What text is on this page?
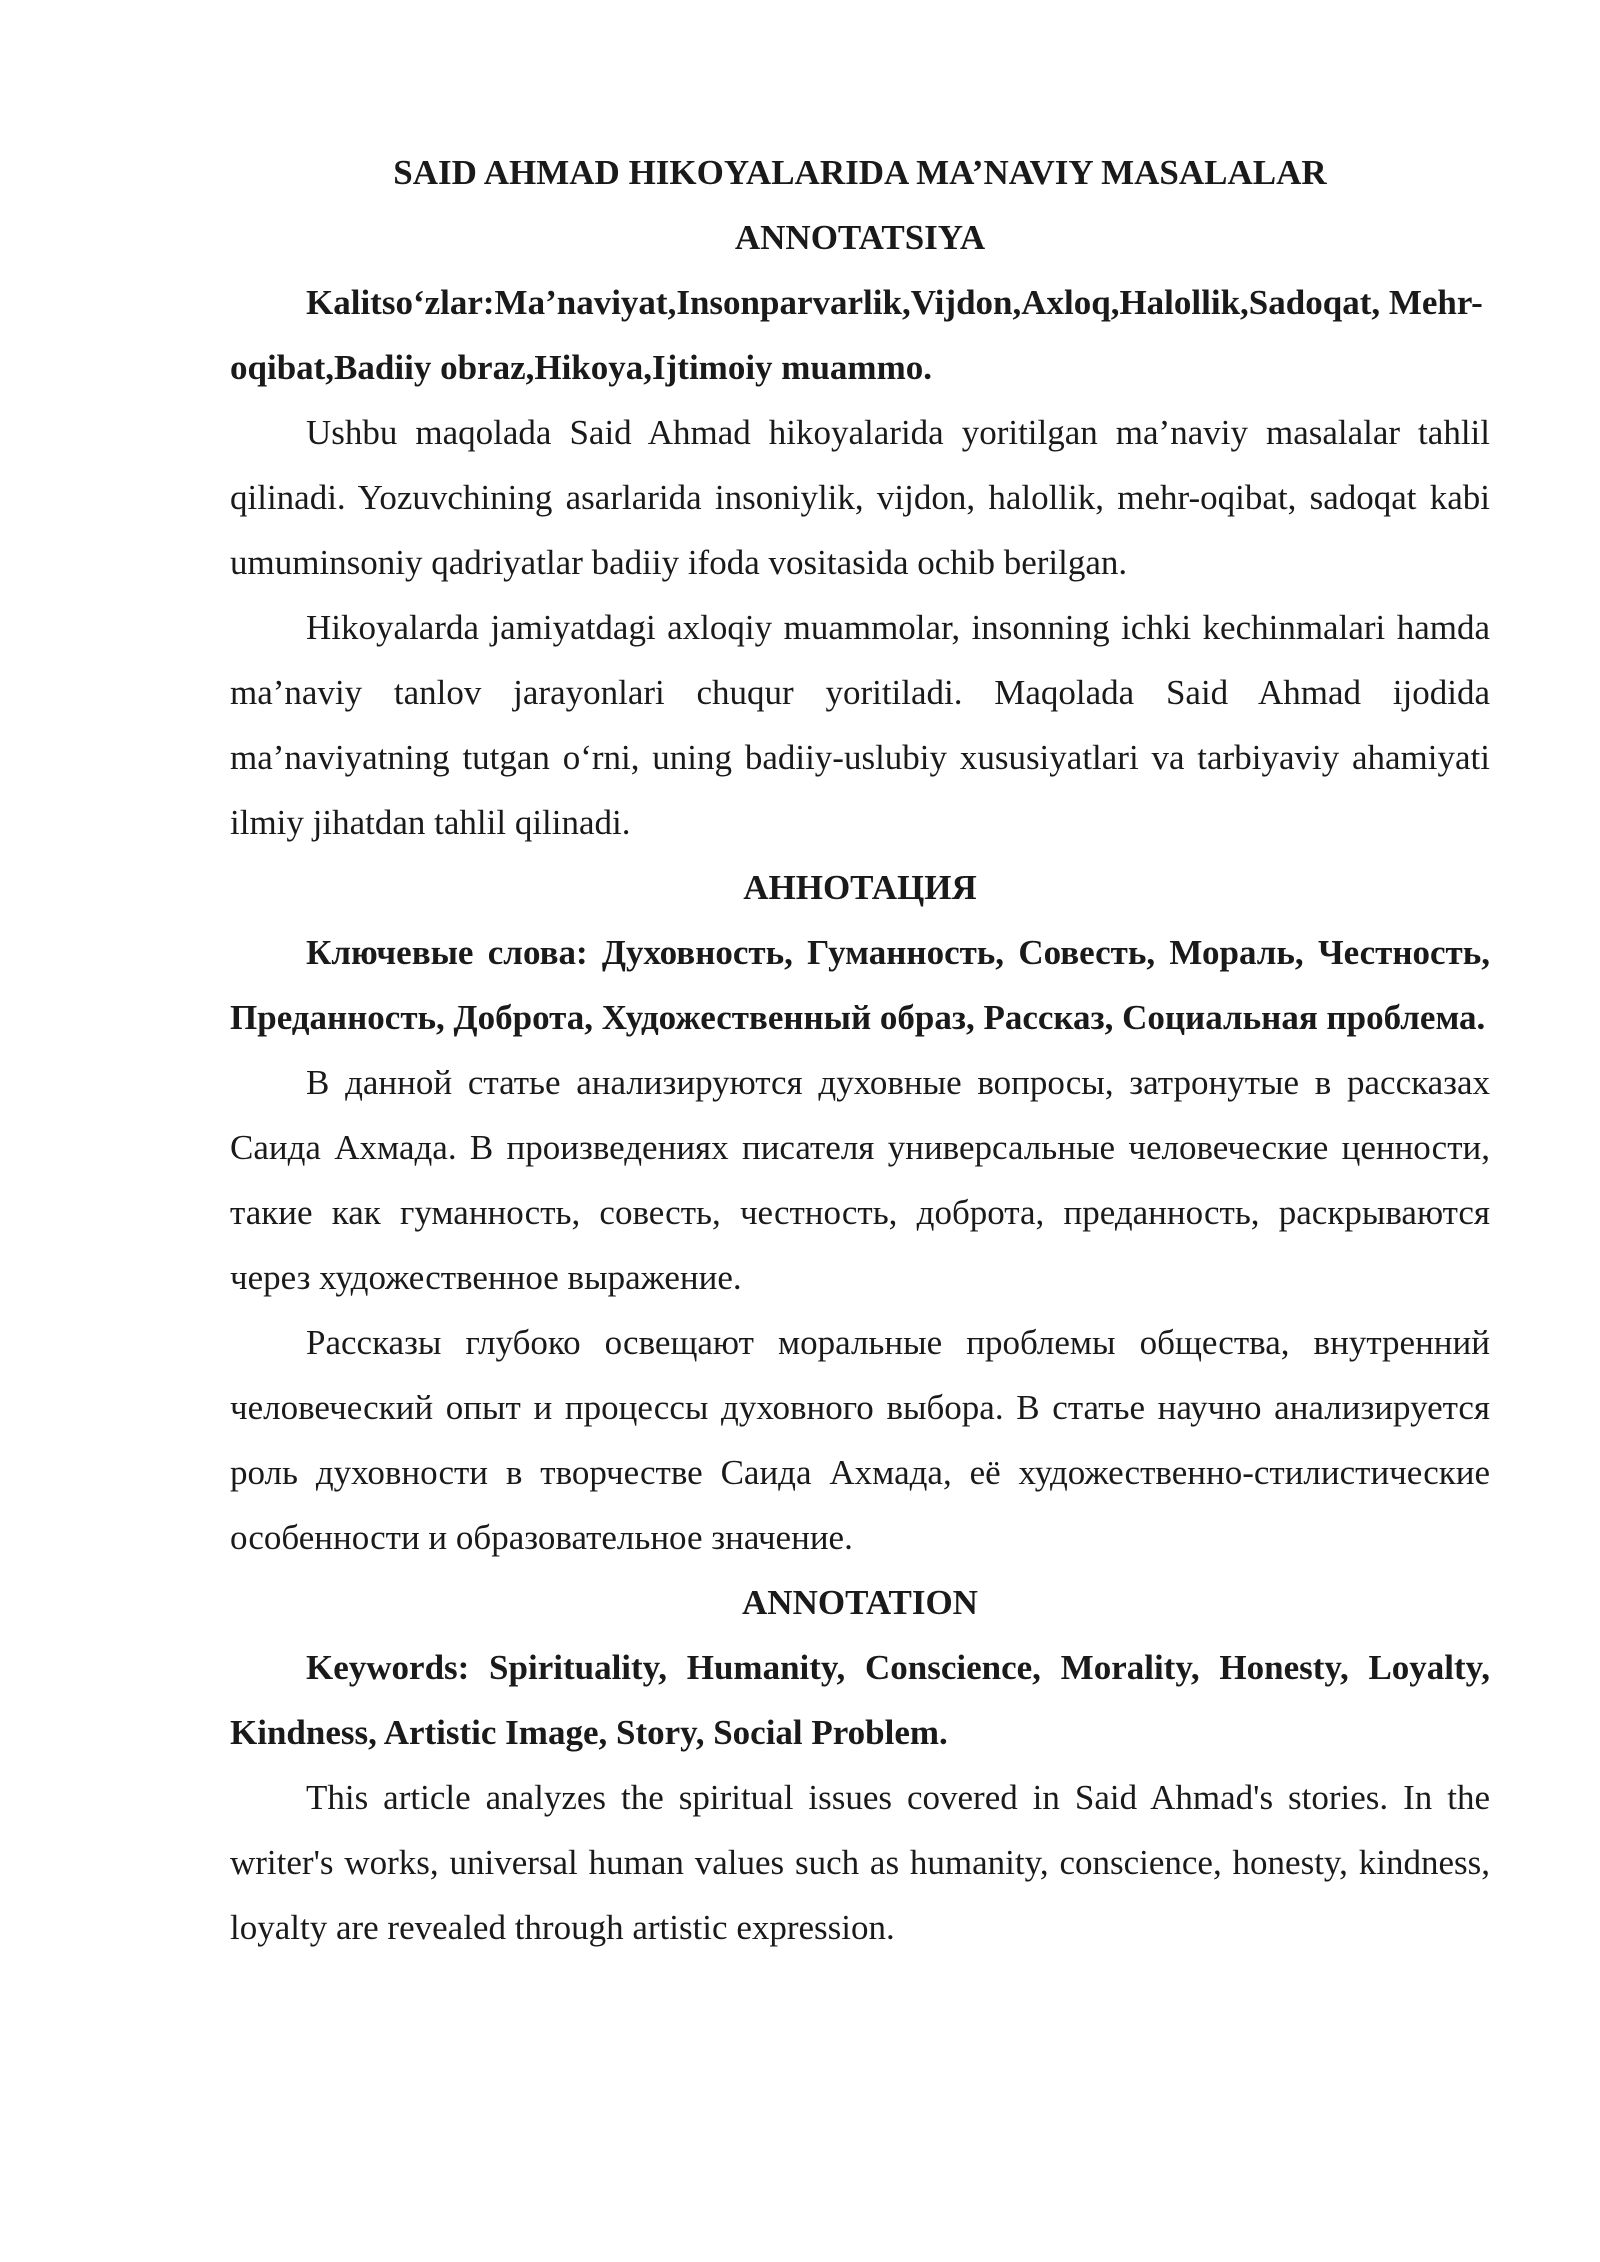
SAID AHMAD HIKOYALARIDA MA’NAVIY MASALALAR

ANNOTATSIYA

Kalitso‘zlar:Ma’naviyat,Insonparvarlik,Vijdon,Axloq,Halollik,Sadoqat, Mehr-oqibat,Badiiy obraz,Hikoya,Ijtimoiy muammo.

Ushbu maqolada Said Ahmad hikoyalarida yoritilgan ma’naviy masalalar tahlil qilinadi. Yozuvchining asarlarida insoniylik, vijdon, halollik, mehr-oqibat, sadoqat kabi umuminsoniy qadriyatlar badiiy ifoda vositasida ochib berilgan.

Hikoyalarda jamiyatdagi axloqiy muammolar, insonning ichki kechinmalari hamda ma’naviy tanlov jarayonlari chuqur yoritiladi. Maqolada Said Ahmad ijodida ma’naviyatning tutgan o‘rni, uning badiiy-uslubiy xususiyatlari va tarbiyaviy ahamiyati ilmiy jihatdan tahlil qilinadi.

АННОТАЦИЯ

Ключевые слова: Духовность, Гуманность, Совесть, Мораль, Честность, Преданность, Доброта, Художественный образ, Рассказ, Социальная проблема.

В данной статье анализируются духовные вопросы, затронутые в рассказах Саида Ахмада. В произведениях писателя универсальные человеческие ценности, такие как гуманность, совесть, честность, доброта, преданность, раскрываются через художественное выражение.

Рассказы глубоко освещают моральные проблемы общества, внутренний человеческий опыт и процессы духовного выбора. В статье научно анализируется роль духовности в творчестве Саида Ахмада, её художественно-стилистические особенности и образовательное значение.

ANNOTATION

Keywords: Spirituality, Humanity, Conscience, Morality, Honesty, Loyalty, Kindness, Artistic Image, Story, Social Problem.

This article analyzes the spiritual issues covered in Said Ahmad's stories. In the writer's works, universal human values such as humanity, conscience, honesty, kindness, loyalty are revealed through artistic expression.
